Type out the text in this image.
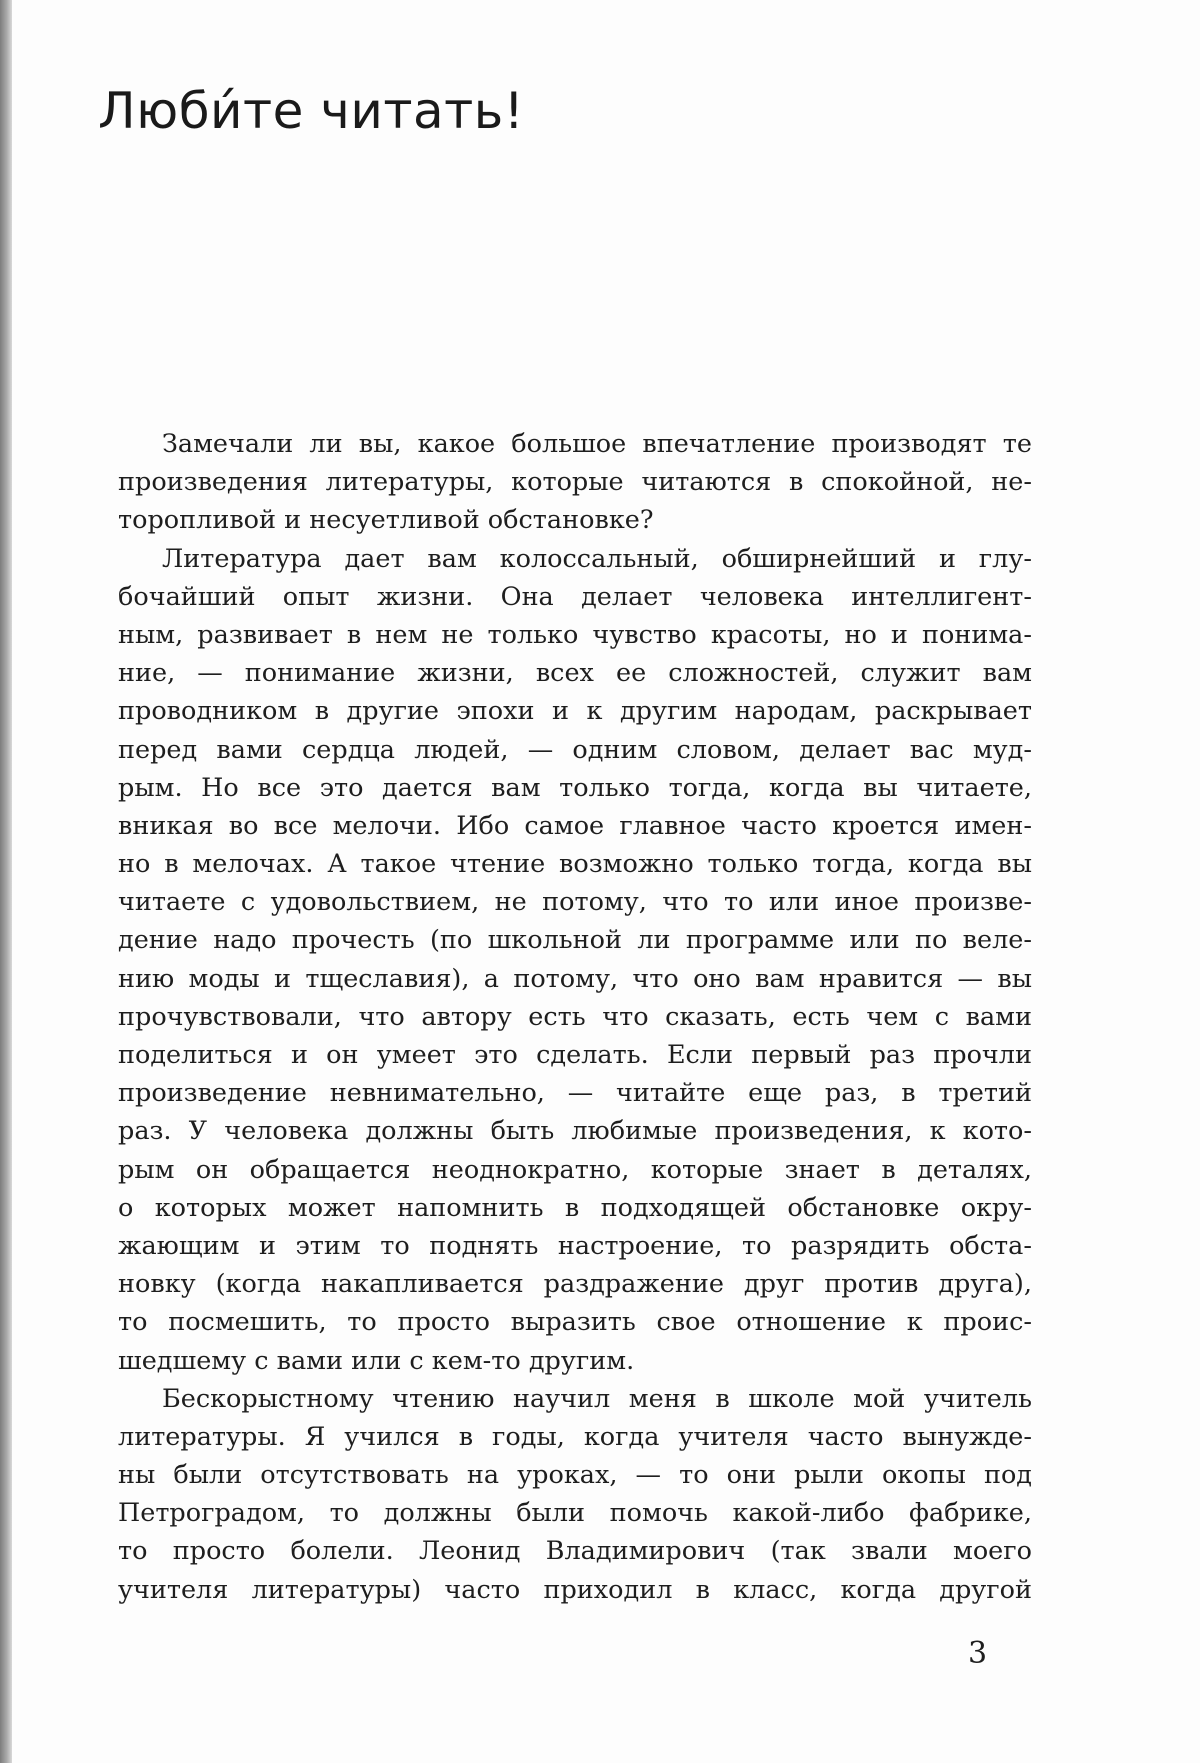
Люби́те читать!
Замечали ли вы, какое большое впечатление производят те
произведения литературы, которые читаются в спокойной, не-
торопливой и несуетливой обстановке?
Литература дает вам колоссальный, обширнейший и глу-
бочайший опыт жизни. Она делает человека интеллигент-
ным, развивает в нем не только чувство красоты, но и понима-
ние, — понимание жизни, всех ее сложностей, служит вам
проводником в другие эпохи и к другим народам, раскрывает
перед вами сердца людей, — одним словом, делает вас муд-
рым. Но все это дается вам только тогда, когда вы читаете,
вникая во все мелочи. Ибо самое главное часто кроется имен-
но в мелочах. А такое чтение возможно только тогда, когда вы
читаете с удовольствием, не потому, что то или иное произве-
дение надо прочесть (по школьной ли программе или по веле-
нию моды и тщеславия), а потому, что оно вам нравится — вы
прочувствовали, что автору есть что сказать, есть чем с вами
поделиться и он умеет это сделать. Если первый раз прочли
произведение невнимательно, — читайте еще раз, в третий
раз. У человека должны быть любимые произведения, к кото-
рым он обращается неоднократно, которые знает в деталях,
о которых может напомнить в подходящей обстановке окру-
жающим и этим то поднять настроение, то разрядить обста-
новку (когда накапливается раздражение друг против друга),
то посмешить, то просто выразить свое отношение к проис-
шедшему с вами или с кем-то другим.
Бескорыстному чтению научил меня в школе мой учитель
литературы. Я учился в годы, когда учителя часто вынужде-
ны были отсутствовать на уроках, — то они рыли окопы под
Петроградом, то должны были помочь какой-либо фабрике,
то просто болели. Леонид Владимирович (так звали моего
учителя литературы) часто приходил в класс, когда другой
3
